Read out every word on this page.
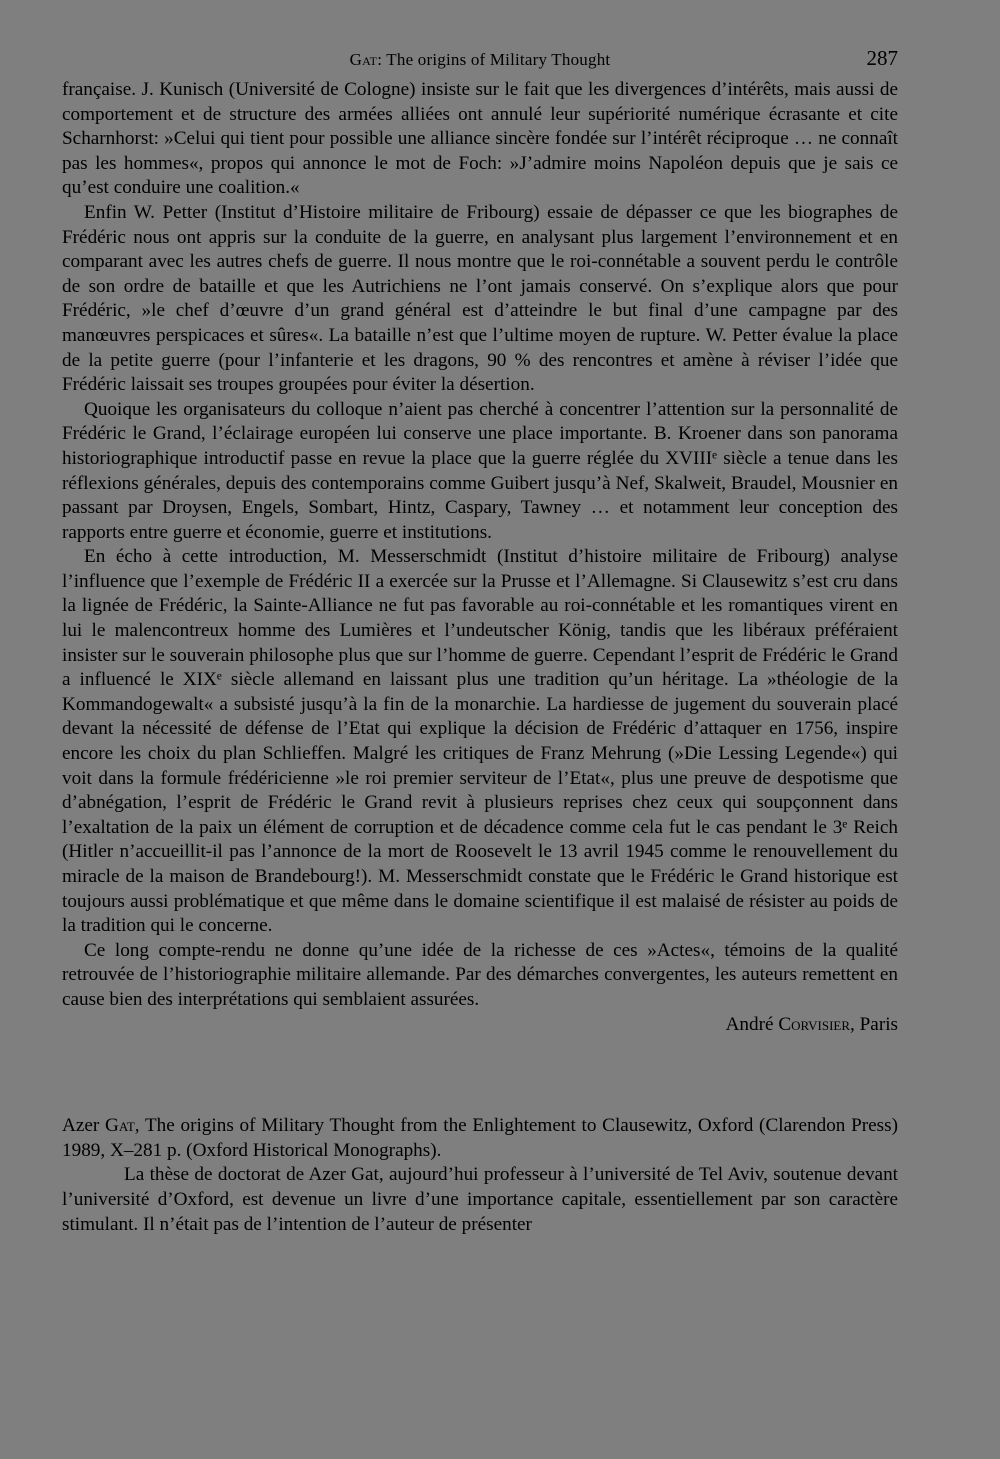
Gat: The origins of Military Thought	287

française. J. Kunisch (Université de Cologne) insiste sur le fait que les divergences d’intérêts, mais aussi de comportement et de structure des armées alliées ont annulé leur supériorité numérique écrasante et cite Scharnhorst: »Celui qui tient pour possible une alliance sincère fondée sur l’intérêt réciproque … ne connaît pas les hommes«, propos qui annonce le mot de Foch: »J’admire moins Napoléon depuis que je sais ce qu’est conduire une coalition.«

Enfin W. Petter (Institut d’Histoire militaire de Fribourg) essaie de dépasser ce que les biographes de Frédéric nous ont appris sur la conduite de la guerre, en analysant plus largement l’environnement et en comparant avec les autres chefs de guerre. Il nous montre que le roi-connétable a souvent perdu le contrôle de son ordre de bataille et que les Autrichiens ne l’ont jamais conservé. On s’explique alors que pour Frédéric, »le chef d’œuvre d’un grand général est d’atteindre le but final d’une campagne par des manœuvres perspicaces et sûres«. La bataille n’est que l’ultime moyen de rupture. W. Petter évalue la place de la petite guerre (pour l’infanterie et les dragons, 90 % des rencontres et amène à réviser l’idée que Frédéric laissait ses troupes groupées pour éviter la désertion.

Quoique les organisateurs du colloque n’aient pas cherché à concentrer l’attention sur la personnalité de Frédéric le Grand, l’éclairage européen lui conserve une place importante. B. Kroener dans son panorama historiographique introductif passe en revue la place que la guerre réglée du XVIIIᵉ siècle a tenue dans les réflexions générales, depuis des contemporains comme Guibert jusqu’à Nef, Skalweit, Braudel, Mousnier en passant par Droysen, Engels, Sombart, Hintz, Caspary, Tawney … et notamment leur conception des rapports entre guerre et économie, guerre et institutions.

En écho à cette introduction, M. Messerschmidt (Institut d’histoire militaire de Fribourg) analyse l’influence que l’exemple de Frédéric II a exercée sur la Prusse et l’Allemagne. Si Clausewitz s’est cru dans la lignée de Frédéric, la Sainte-Alliance ne fut pas favorable au roi-connétable et les romantiques virent en lui le malencontreux homme des Lumières et l’undeutscher König, tandis que les libéraux préféraient insister sur le souverain philosophe plus que sur l’homme de guerre. Cependant l’esprit de Frédéric le Grand a influencé le XIXᵉ siècle allemand en laissant plus une tradition qu’un héritage. La »théologie de la Kommandogewalt« a subsisté jusqu’à la fin de la monarchie. La hardiesse de jugement du souverain placé devant la nécessité de défense de l’Etat qui explique la décision de Frédéric d’attaquer en 1756, inspire encore les choix du plan Schlieffen. Malgré les critiques de Franz Mehrung (»Die Lessing Legende«) qui voit dans la formule frédéricienne »le roi premier serviteur de l’Etat«, plus une preuve de despotisme que d’abnégation, l’esprit de Frédéric le Grand revit à plusieurs reprises chez ceux qui soupçonnent dans l’exaltation de la paix un élément de corruption et de décadence comme cela fut le cas pendant le 3ᵉ Reich (Hitler n’accueillit-il pas l’annonce de la mort de Roosevelt le 13 avril 1945 comme le renouvellement du miracle de la maison de Brandebourg!). M. Messerschmidt constate que le Frédéric le Grand historique est toujours aussi problématique et que même dans le domaine scientifique il est malaisé de résister au poids de la tradition qui le concerne.

Ce long compte-rendu ne donne qu’une idée de la richesse de ces »Actes«, témoins de la qualité retrouvée de l’historiographie militaire allemande. Par des démarches convergentes, les auteurs remettent en cause bien des interprétations qui semblaient assurées.

André Corvisier, Paris

Azer Gat, The origins of Military Thought from the Enlightement to Clausewitz, Oxford (Clarendon Press) 1989, X–281 p. (Oxford Historical Monographs).

La thèse de doctorat de Azer Gat, aujourd’hui professeur à l’université de Tel Aviv, soutenue devant l’université d’Oxford, est devenue un livre d’une importance capitale, essentiellement par son caractère stimulant. Il n’était pas de l’intention de l’auteur de présenter
